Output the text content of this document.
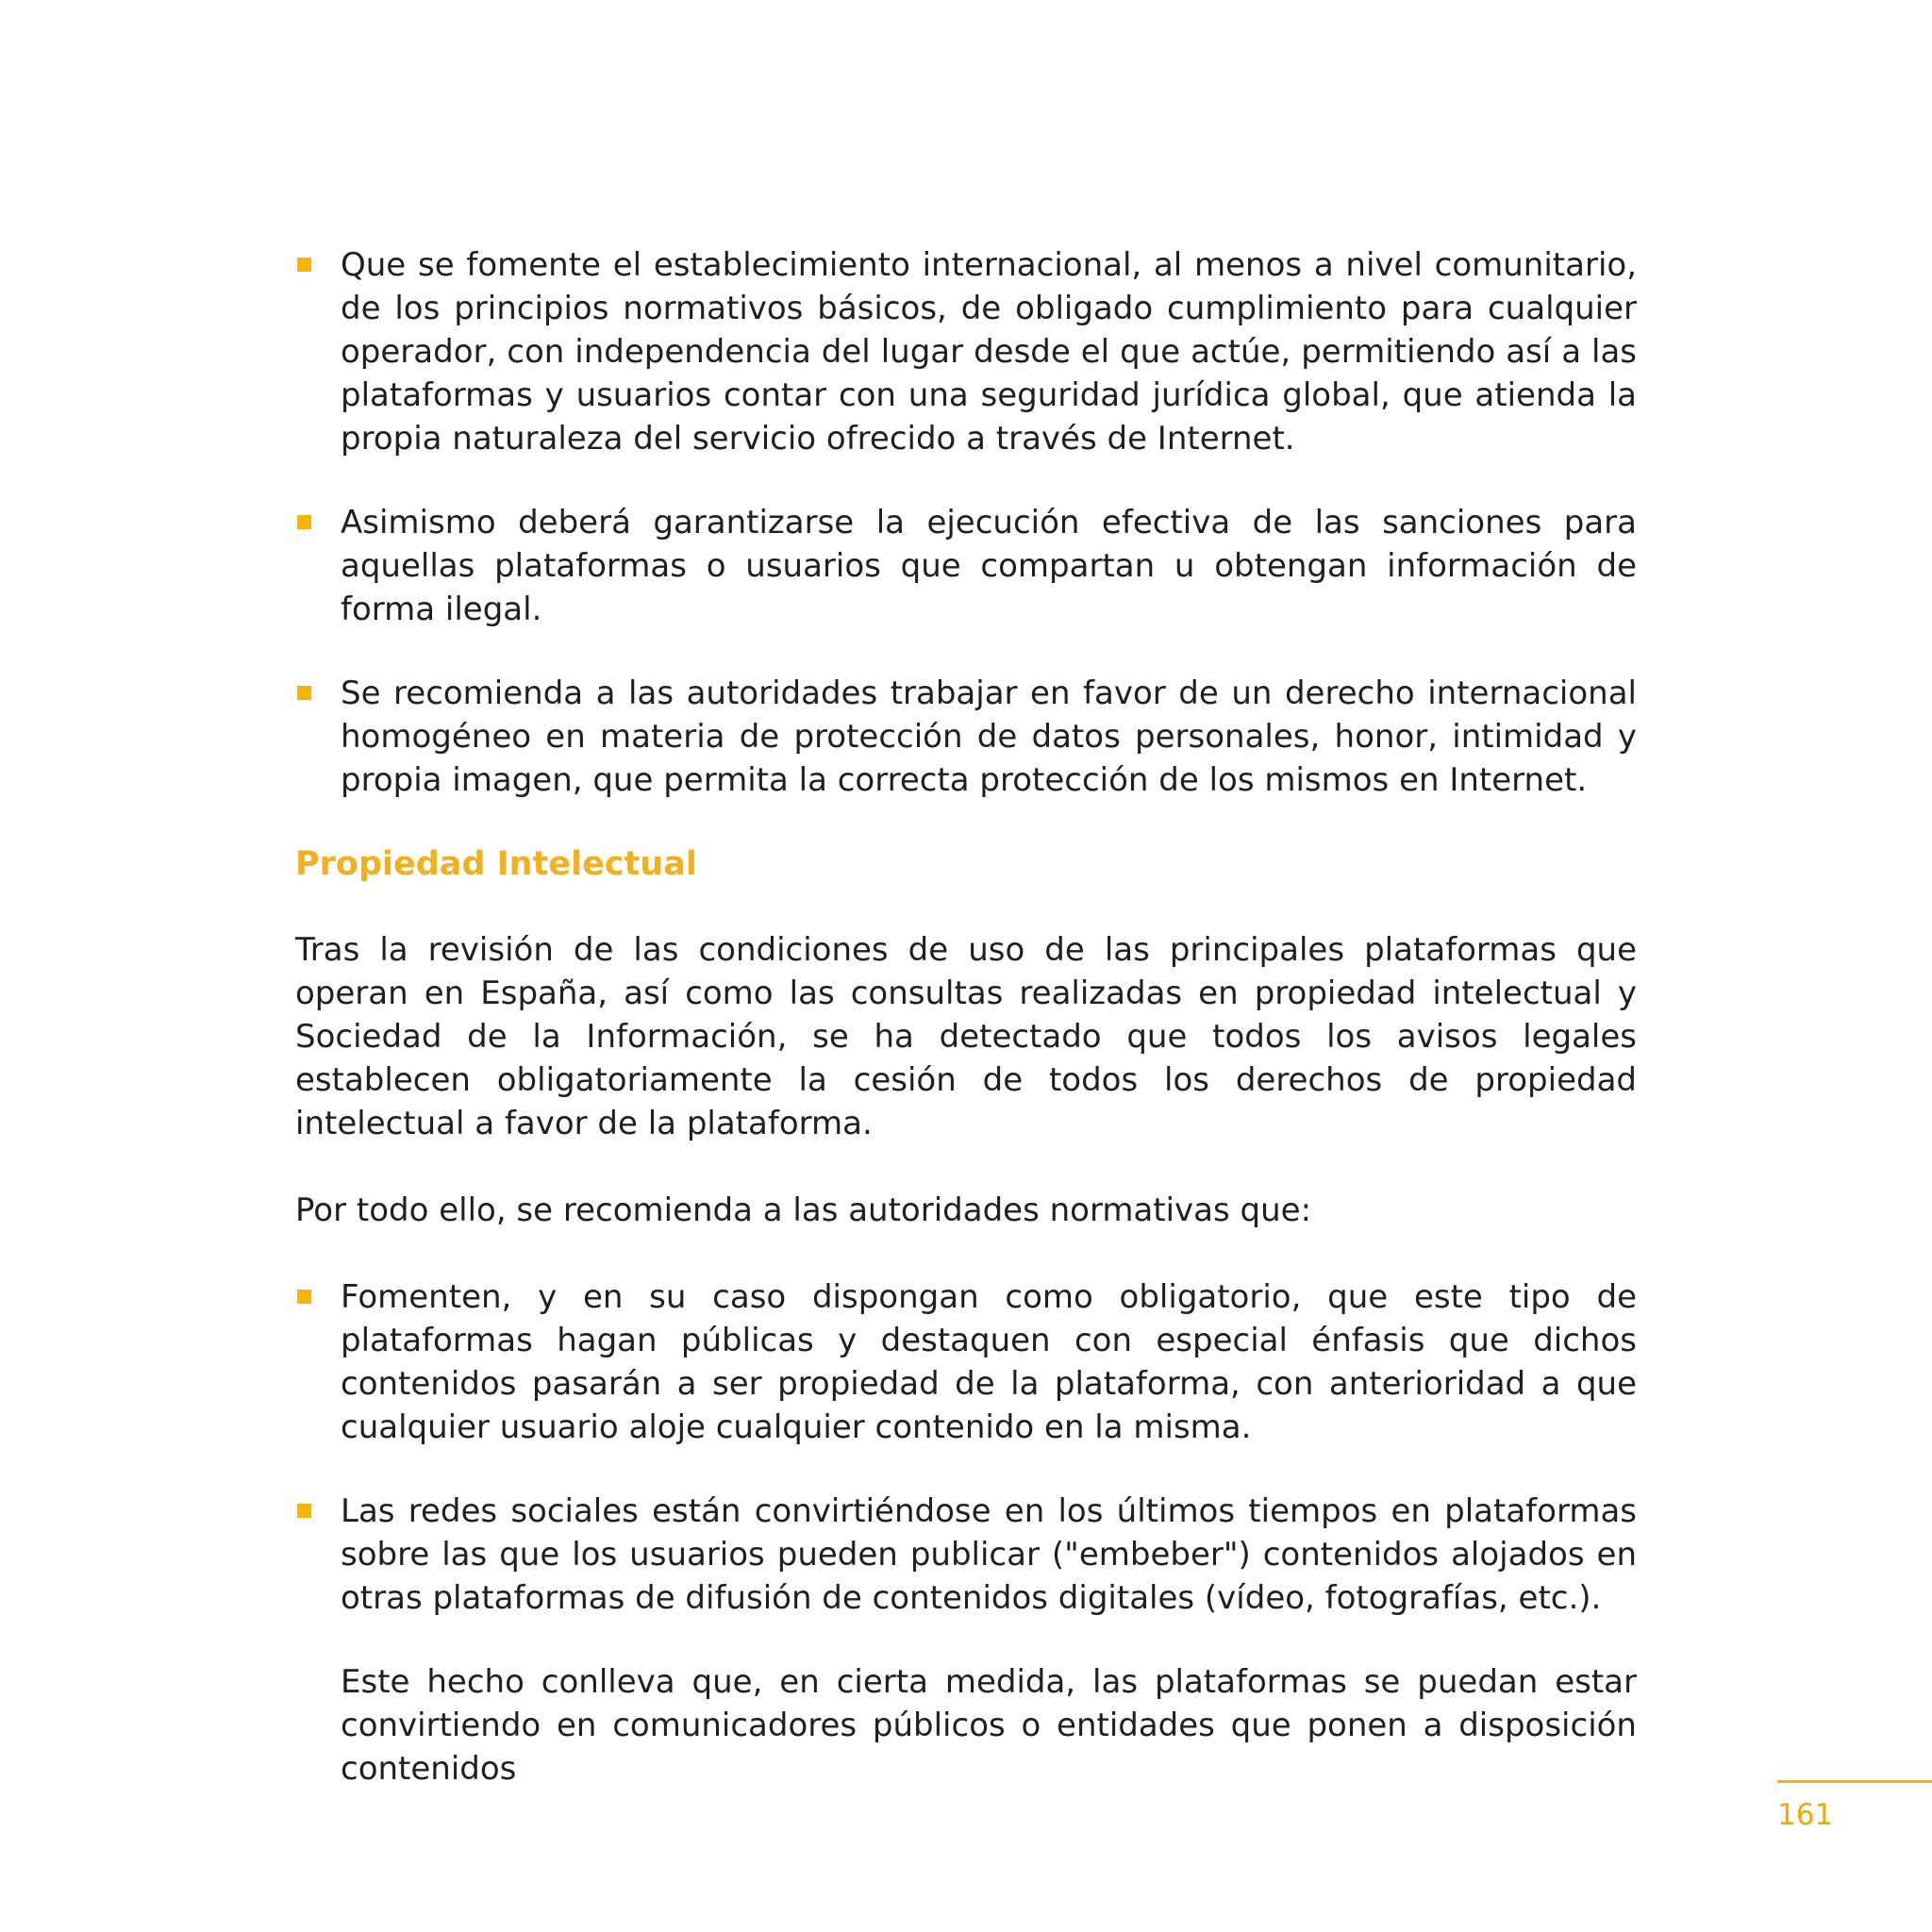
Que se fomente el establecimiento internacional, al menos a nivel comunitario, de los principios normativos básicos, de obligado cumplimiento para cualquier operador, con independencia del lugar desde el que actúe, permitiendo así a las plataformas y usuarios contar con una seguridad jurídica global, que atienda la propia naturaleza del servicio ofrecido a través de Internet.

Asimismo deberá garantizarse la ejecución efectiva de las sanciones para aquellas plataformas o usuarios que compartan u obtengan información de forma ilegal.

Se recomienda a las autoridades trabajar en favor de un derecho internacional homogéneo en materia de protección de datos personales, honor, intimidad y propia imagen, que permita la correcta protección de los mismos en Internet.

Propiedad Intelectual

Tras la revisión de las condiciones de uso de las principales plataformas que operan en España, así como las consultas realizadas en propiedad intelectual y Sociedad de la Información, se ha detectado que todos los avisos legales establecen obligatoriamente la cesión de todos los derechos de propiedad intelectual a favor de la plataforma.

Por todo ello, se recomienda a las autoridades normativas que:

Fomenten, y en su caso dispongan como obligatorio, que este tipo de plataformas hagan públicas y destaquen con especial énfasis que dichos contenidos pasarán a ser propiedad de la plataforma, con anterioridad a que cualquier usuario aloje cualquier contenido en la misma.

Las redes sociales están convirtiéndose en los últimos tiempos en plataformas sobre las que los usuarios pueden publicar ("embeber") contenidos alojados en otras plataformas de difusión de contenidos digitales (vídeo, fotografías, etc.).

Este hecho conlleva que, en cierta medida, las plataformas se puedan estar convirtiendo en comunicadores públicos o entidades que ponen a disposición contenidos
161
